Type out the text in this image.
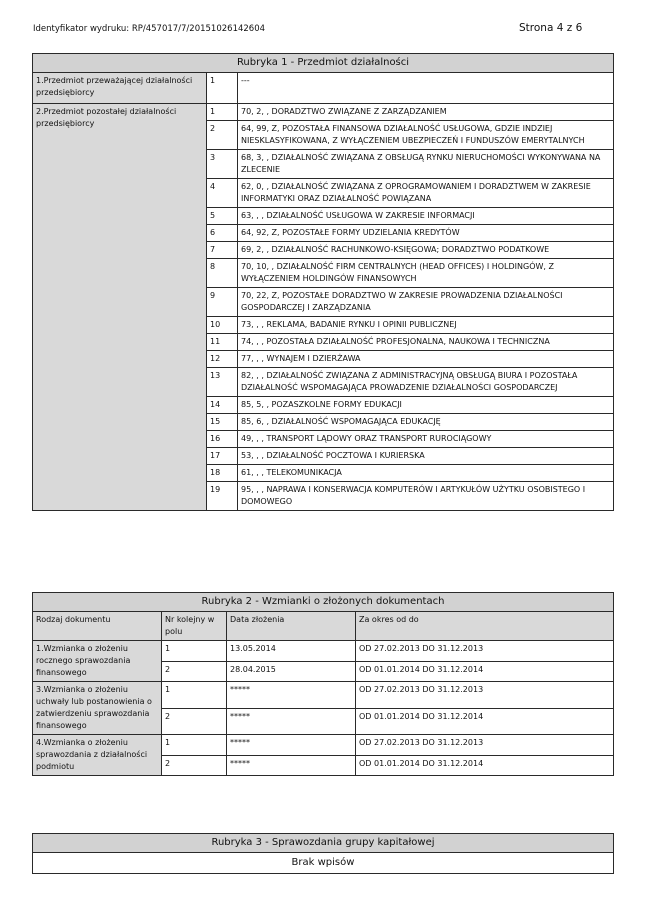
Identyfikator wydruku: RP/457017/7/20151026142604	Strona 4 z 6
Rubryka 1 - Przedmiot działalności		
1.Przedmiot przeważającej działalności przedsiębiorcy	1	---
2.Przedmiot pozostałej działalności przedsiębiorcy	1	70, 2, , DORADZTWO ZWIĄZANE Z ZARZĄDZANIEM
	2	64, 99, Z, POZOSTAŁA FINANSOWA DZIAŁALNOŚĆ USŁUGOWA, GDZIE INDZIEJ NIESKLASYFIKOWANA, Z WYŁĄCZENIEM UBEZPIECZEŃ I FUNDUSZÓW EMERYTALNYCH
	3	68, 3, , DZIAŁALNOŚĆ ZWIĄZANA Z OBSŁUGĄ RYNKU NIERUCHOMOŚCI WYKONYWANA NA ZLECENIE
	4	62, 0, , DZIAŁALNOŚĆ ZWIĄZANA Z OPROGRAMOWANIEM I DORADZTWEM W ZAKRESIE INFORMATYKI ORAZ DZIAŁALNOŚĆ POWIĄZANA
	5	63, , , DZIAŁALNOŚĆ USŁUGOWA W ZAKRESIE INFORMACJI
	6	64, 92, Z, POZOSTAŁE FORMY UDZIELANIA KREDYTÓW
	7	69, 2, , DZIAŁALNOŚĆ RACHUNKOWO-KSIĘGOWA; DORADZTWO PODATKOWE
	8	70, 10, , DZIAŁALNOŚĆ FIRM CENTRALNYCH (HEAD OFFICES) I HOLDINGÓW, Z WYŁĄCZENIEM HOLDINGÓW FINANSOWYCH
	9	70, 22, Z, POZOSTAŁE DORADZTWO W ZAKRESIE PROWADZENIA DZIAŁALNOŚCI GOSPODARCZEJ I ZARZĄDZANIA
	10	73, , , REKLAMA, BADANIE RYNKU I OPINII PUBLICZNEJ
	11	74, , , POZOSTAŁA DZIAŁALNOŚĆ PROFESJONALNA, NAUKOWA I TECHNICZNA
	12	77, , , WYNAJEM I DZIERŻAWA
	13	82, , , DZIAŁALNOŚĆ ZWIĄZANA Z ADMINISTRACYJNĄ OBSŁUGĄ BIURA I POZOSTAŁA DZIAŁALNOŚĆ WSPOMAGAJĄCA PROWADZENIE DZIAŁALNOŚCI GOSPODARCZEJ
	14	85, 5, , POZASZKOLNE FORMY EDUKACJI
	15	85, 6, , DZIAŁALNOŚĆ WSPOMAGAJĄCA EDUKACJĘ
	16	49, , , TRANSPORT LĄDOWY ORAZ TRANSPORT RUROCIĄGOWY
	17	53, , , DZIAŁALNOŚĆ POCZTOWA I KURIERSKA
	18	61, , , TELEKOMUNIKACJA
	19	95, , , NAPRAWA I KONSERWACJA KOMPUTERÓW I ARTYKUŁÓW UŻYTKU OSOBISTEGO I DOMOWEGO
Rubryka 2 - Wzmianki o złożonych dokumentach			
Rodzaj dokumentu	Nr kolejny w polu	Data złożenia	Za okres od do
1.Wzmianka o złożeniu rocznego sprawozdania finansowego	1	13.05.2014	OD 27.02.2013 DO 31.12.2013
	2	28.04.2015	OD 01.01.2014 DO 31.12.2014
3.Wzmianka o złożeniu uchwały lub postanowienia o zatwierdzeniu sprawozdania finansowego	1	*****	OD 27.02.2013 DO 31.12.2013
	2	*****	OD 01.01.2014 DO 31.12.2014
4.Wzmianka o złożeniu sprawozdania z działalności podmiotu	1	*****	OD 27.02.2013 DO 31.12.2013
	2	*****	OD 01.01.2014 DO 31.12.2014
Rubryka 3 - Sprawozdania grupy kapitałowej
Brak wpisów
